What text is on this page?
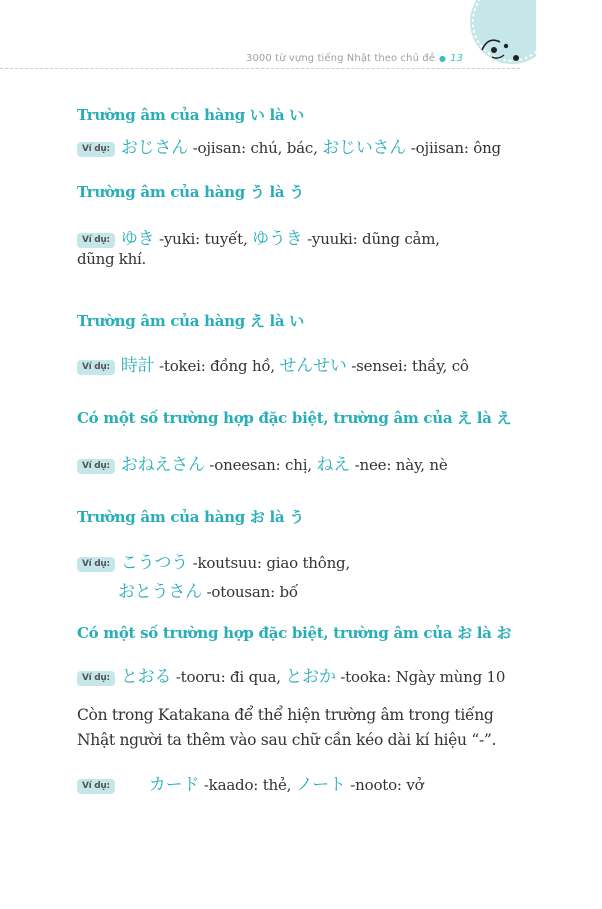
3000 từ vựng tiếng Nhật theo chủ đề ● 13
Trường âm của hàng い là い
Ví dụ: おじさん -ojisan: chú, bác, おじいさん -ojiisan: ông
Trường âm của hàng う là う
Ví dụ: ゆき -yuki: tuyết, ゆうき -yuuki: dũng cảm,
dũng khí.
Trường âm của hàng え là い
Ví dụ: 時計 -tokei: đồng hồ, せんせい -sensei: thầy, cô
Có một số trường hợp đặc biệt, trường âm của え là え
Ví dụ: おねえさん -oneesan: chị, ねえ -nee: này, nè
Trường âm của hàng お là う
Ví dụ: こうつう -koutsuu: giao thông,
おとうさん -otousan: bố
Có một số trường hợp đặc biệt, trường âm của お là お
Ví dụ: とおる -tooru: đi qua, とおか -tooka: Ngày mùng 10
Còn trong Katakana để thể hiện trường âm trong tiếng
Nhật người ta thêm vào sau chữ cần kéo dài kí hiệu “-”.
Ví dụ: カード -kaado: thẻ, ノート -nooto: vở
